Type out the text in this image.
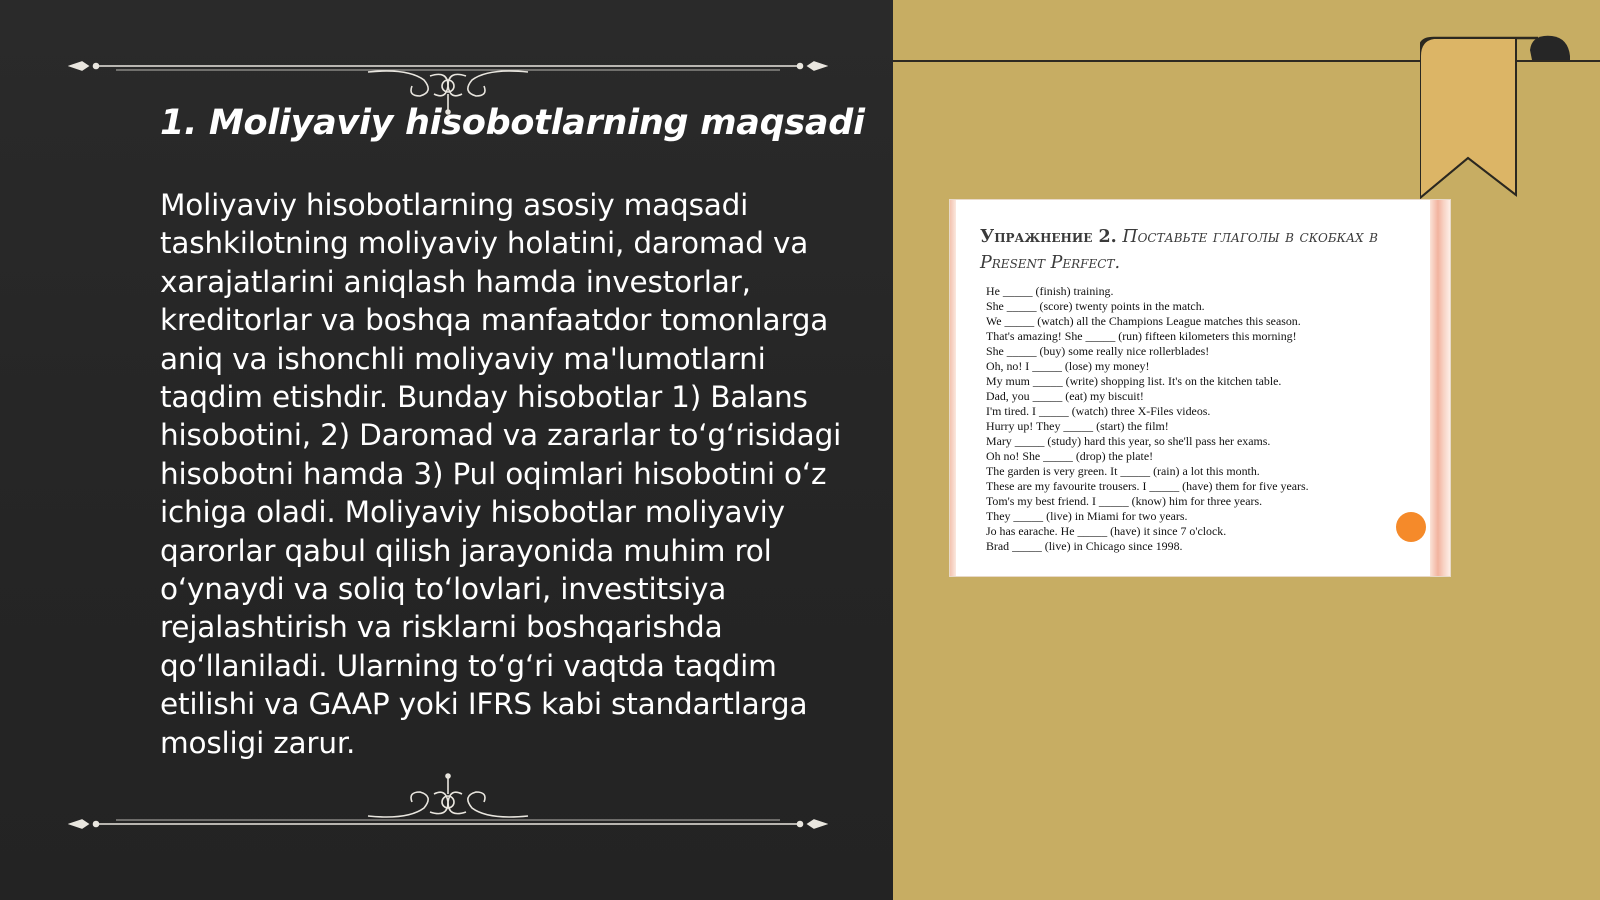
1. Moliyaviy hisobotlarning maqsadi

Moliyaviy hisobotlarning asosiy maqsadi tashkilotning moliyaviy holatini, daromad va xarajatlarini aniqlash hamda investorlar, kreditorlar va boshqa manfaatdor tomonlarga aniq va ishonchli moliyaviy ma'lumotlarni taqdim etishdir. Bunday hisobotlar 1) Balans hisobotini, 2) Daromad va zararlar toʻgʻrisidagi hisobotni hamda 3) Pul oqimlari hisobotini oʻz ichiga oladi. Moliyaviy hisobotlar moliyaviy qarorlar qabul qilish jarayonida muhim rol oʻynaydi va soliq toʻlovlari, investitsiya rejalashtirish va risklarni boshqarishda qoʻllaniladi. Ularning toʻgʻri vaqtda taqdim etilishi va GAAP yoki IFRS kabi standartlarga mosligi zarur.

Упражнение 2. Поставьте глаголы в скобках в Present Perfect.

He _____ (finish) training.
She _____ (score) twenty points in the match.
We _____ (watch) all the Champions League matches this season.
That's amazing! She _____ (run) fifteen kilometers this morning!
She _____ (buy) some really nice rollerblades!
Oh, no! I _____ (lose) my money!
My mum _____ (write) shopping list. It's on the kitchen table.
Dad, you _____ (eat) my biscuit!
I'm tired. I _____ (watch) three X-Files videos.
Hurry up! They _____ (start) the film!
Mary _____ (study) hard this year, so she'll pass her exams.
Oh no! She _____ (drop) the plate!
The garden is very green. It _____ (rain) a lot this month.
These are my favourite trousers. I _____ (have) them for five years.
Tom's my best friend. I _____ (know) him for three years.
They _____ (live) in Miami for two years.
Jo has earache. He _____ (have) it since 7 o'clock.
Brad _____ (live) in Chicago since 1998.
